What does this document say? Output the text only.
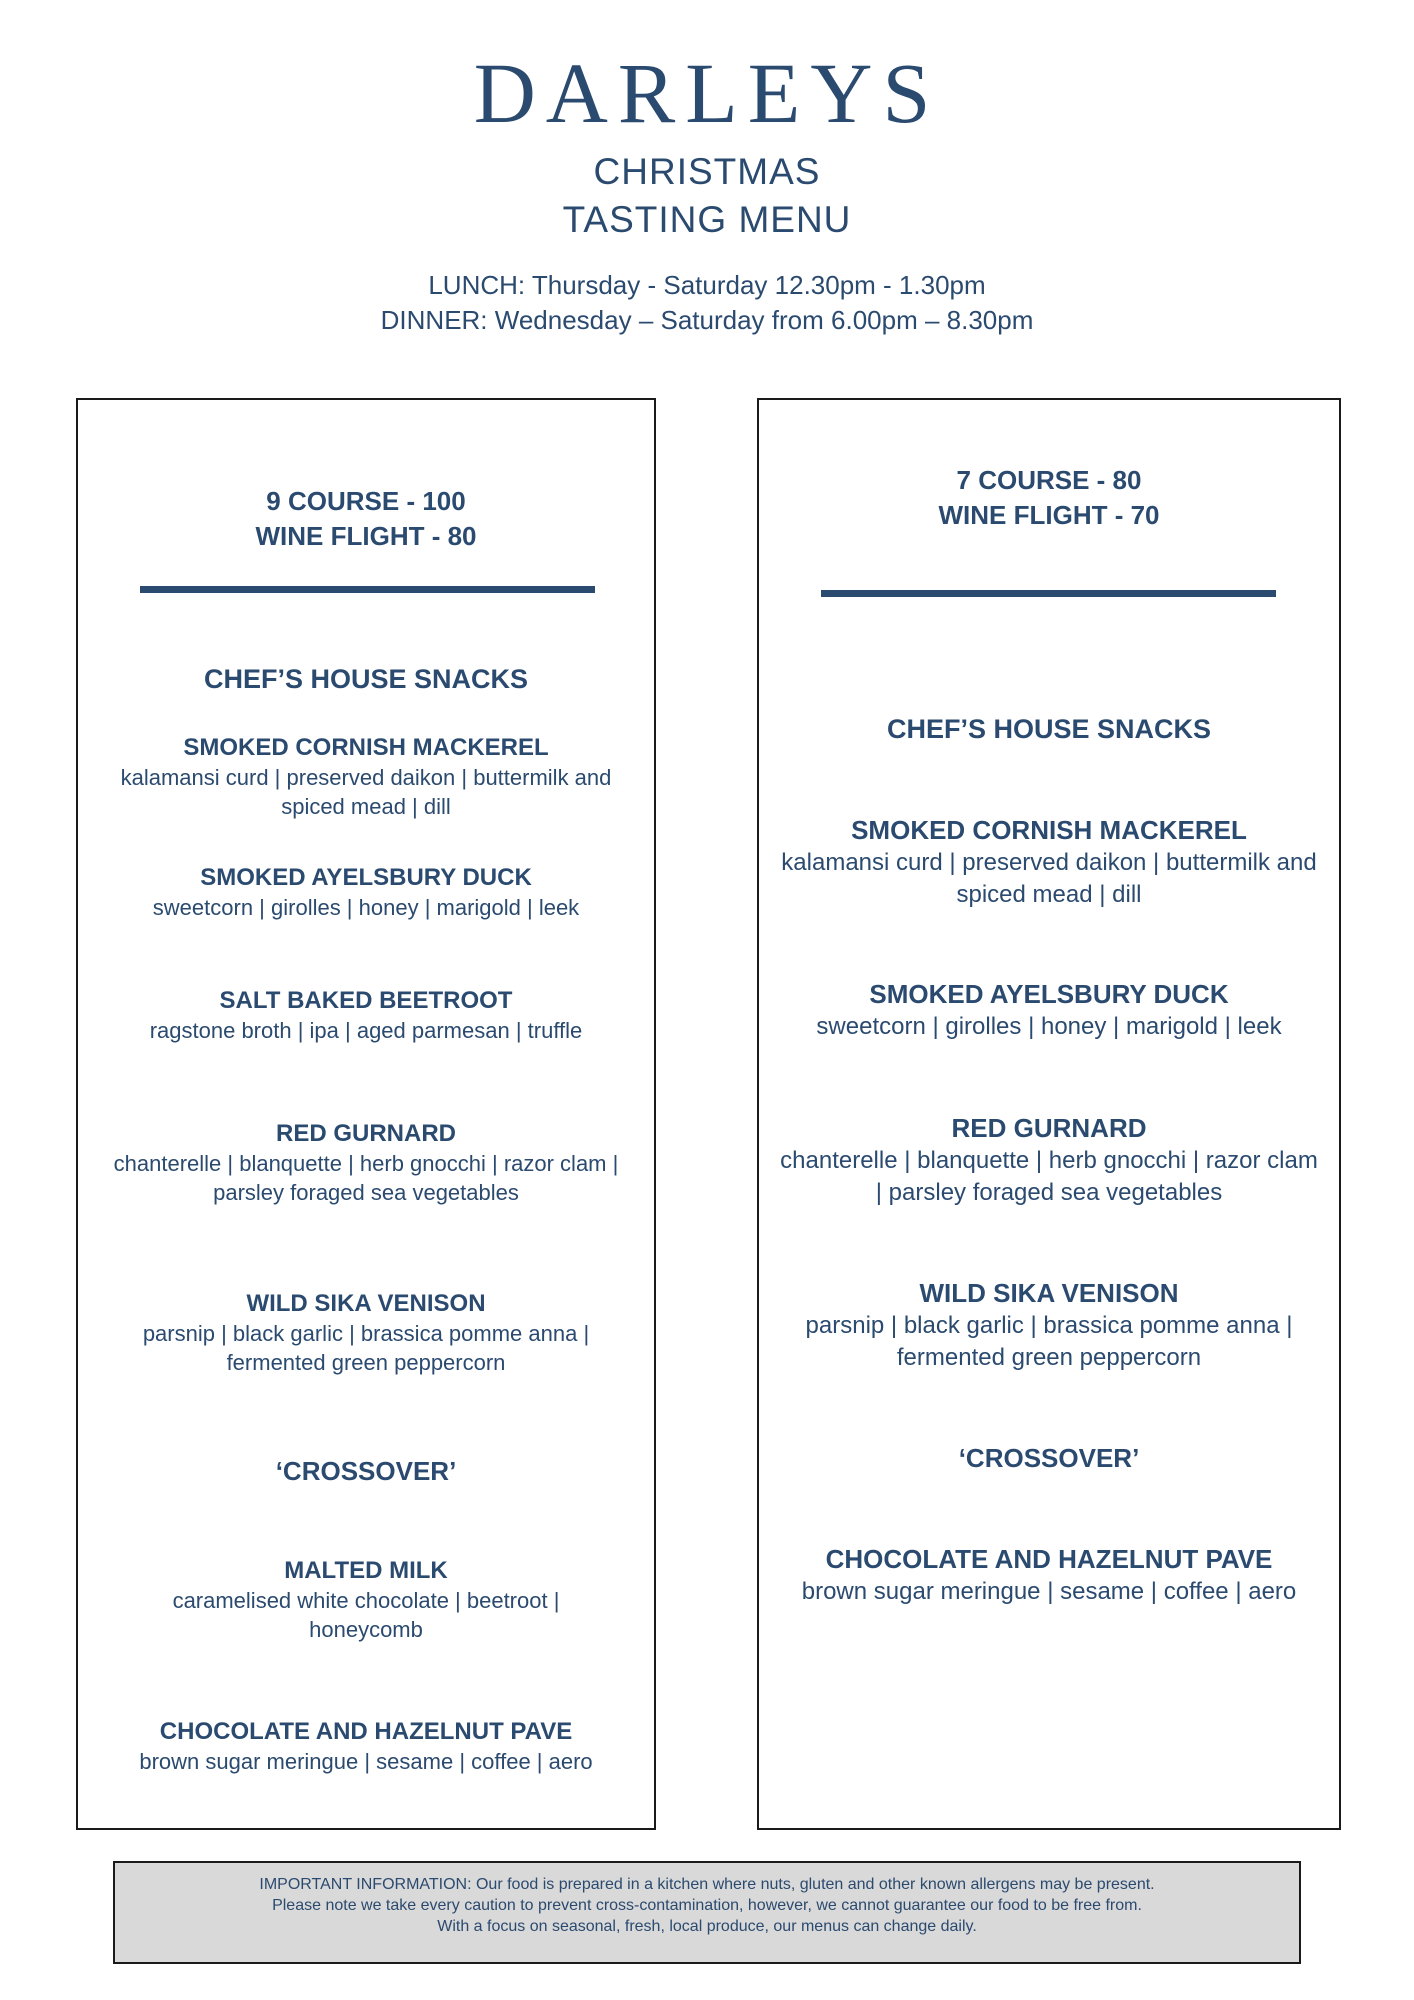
DARLEYS
CHRISTMAS
TASTING MENU
LUNCH: Thursday - Saturday 12.30pm - 1.30pm
DINNER: Wednesday – Saturday from 6.00pm – 8.30pm
9 COURSE - 100
WINE FLIGHT - 80
CHEF’S HOUSE SNACKS
SMOKED CORNISH MACKEREL
kalamansi curd | preserved daikon | buttermilk and spiced mead | dill
SMOKED AYELSBURY DUCK
sweetcorn | girolles | honey | marigold | leek
SALT BAKED BEETROOT
ragstone broth | ipa | aged parmesan | truffle
RED GURNARD
chanterelle | blanquette | herb gnocchi | razor clam | parsley foraged sea vegetables
WILD SIKA VENISON
parsnip | black garlic | brassica pomme anna | fermented green peppercorn
‘CROSSOVER’
MALTED MILK
caramelised white chocolate | beetroot | honeycomb
CHOCOLATE AND HAZELNUT PAVE
brown sugar meringue | sesame | coffee | aero
7 COURSE - 80
WINE FLIGHT - 70
CHEF’S HOUSE SNACKS
SMOKED CORNISH MACKEREL
kalamansi curd | preserved daikon | buttermilk and spiced mead | dill
SMOKED AYELSBURY DUCK
sweetcorn | girolles | honey | marigold | leek
RED GURNARD
chanterelle | blanquette | herb gnocchi | razor clam | parsley foraged sea vegetables
WILD SIKA VENISON
parsnip | black garlic | brassica pomme anna | fermented green peppercorn
‘CROSSOVER’
CHOCOLATE AND HAZELNUT PAVE
brown sugar meringue | sesame | coffee | aero
IMPORTANT INFORMATION: Our food is prepared in a kitchen where nuts, gluten and other known allergens may be present.
Please note we take every caution to prevent cross-contamination, however, we cannot guarantee our food to be free from.
With a focus on seasonal, fresh, local produce, our menus can change daily.
